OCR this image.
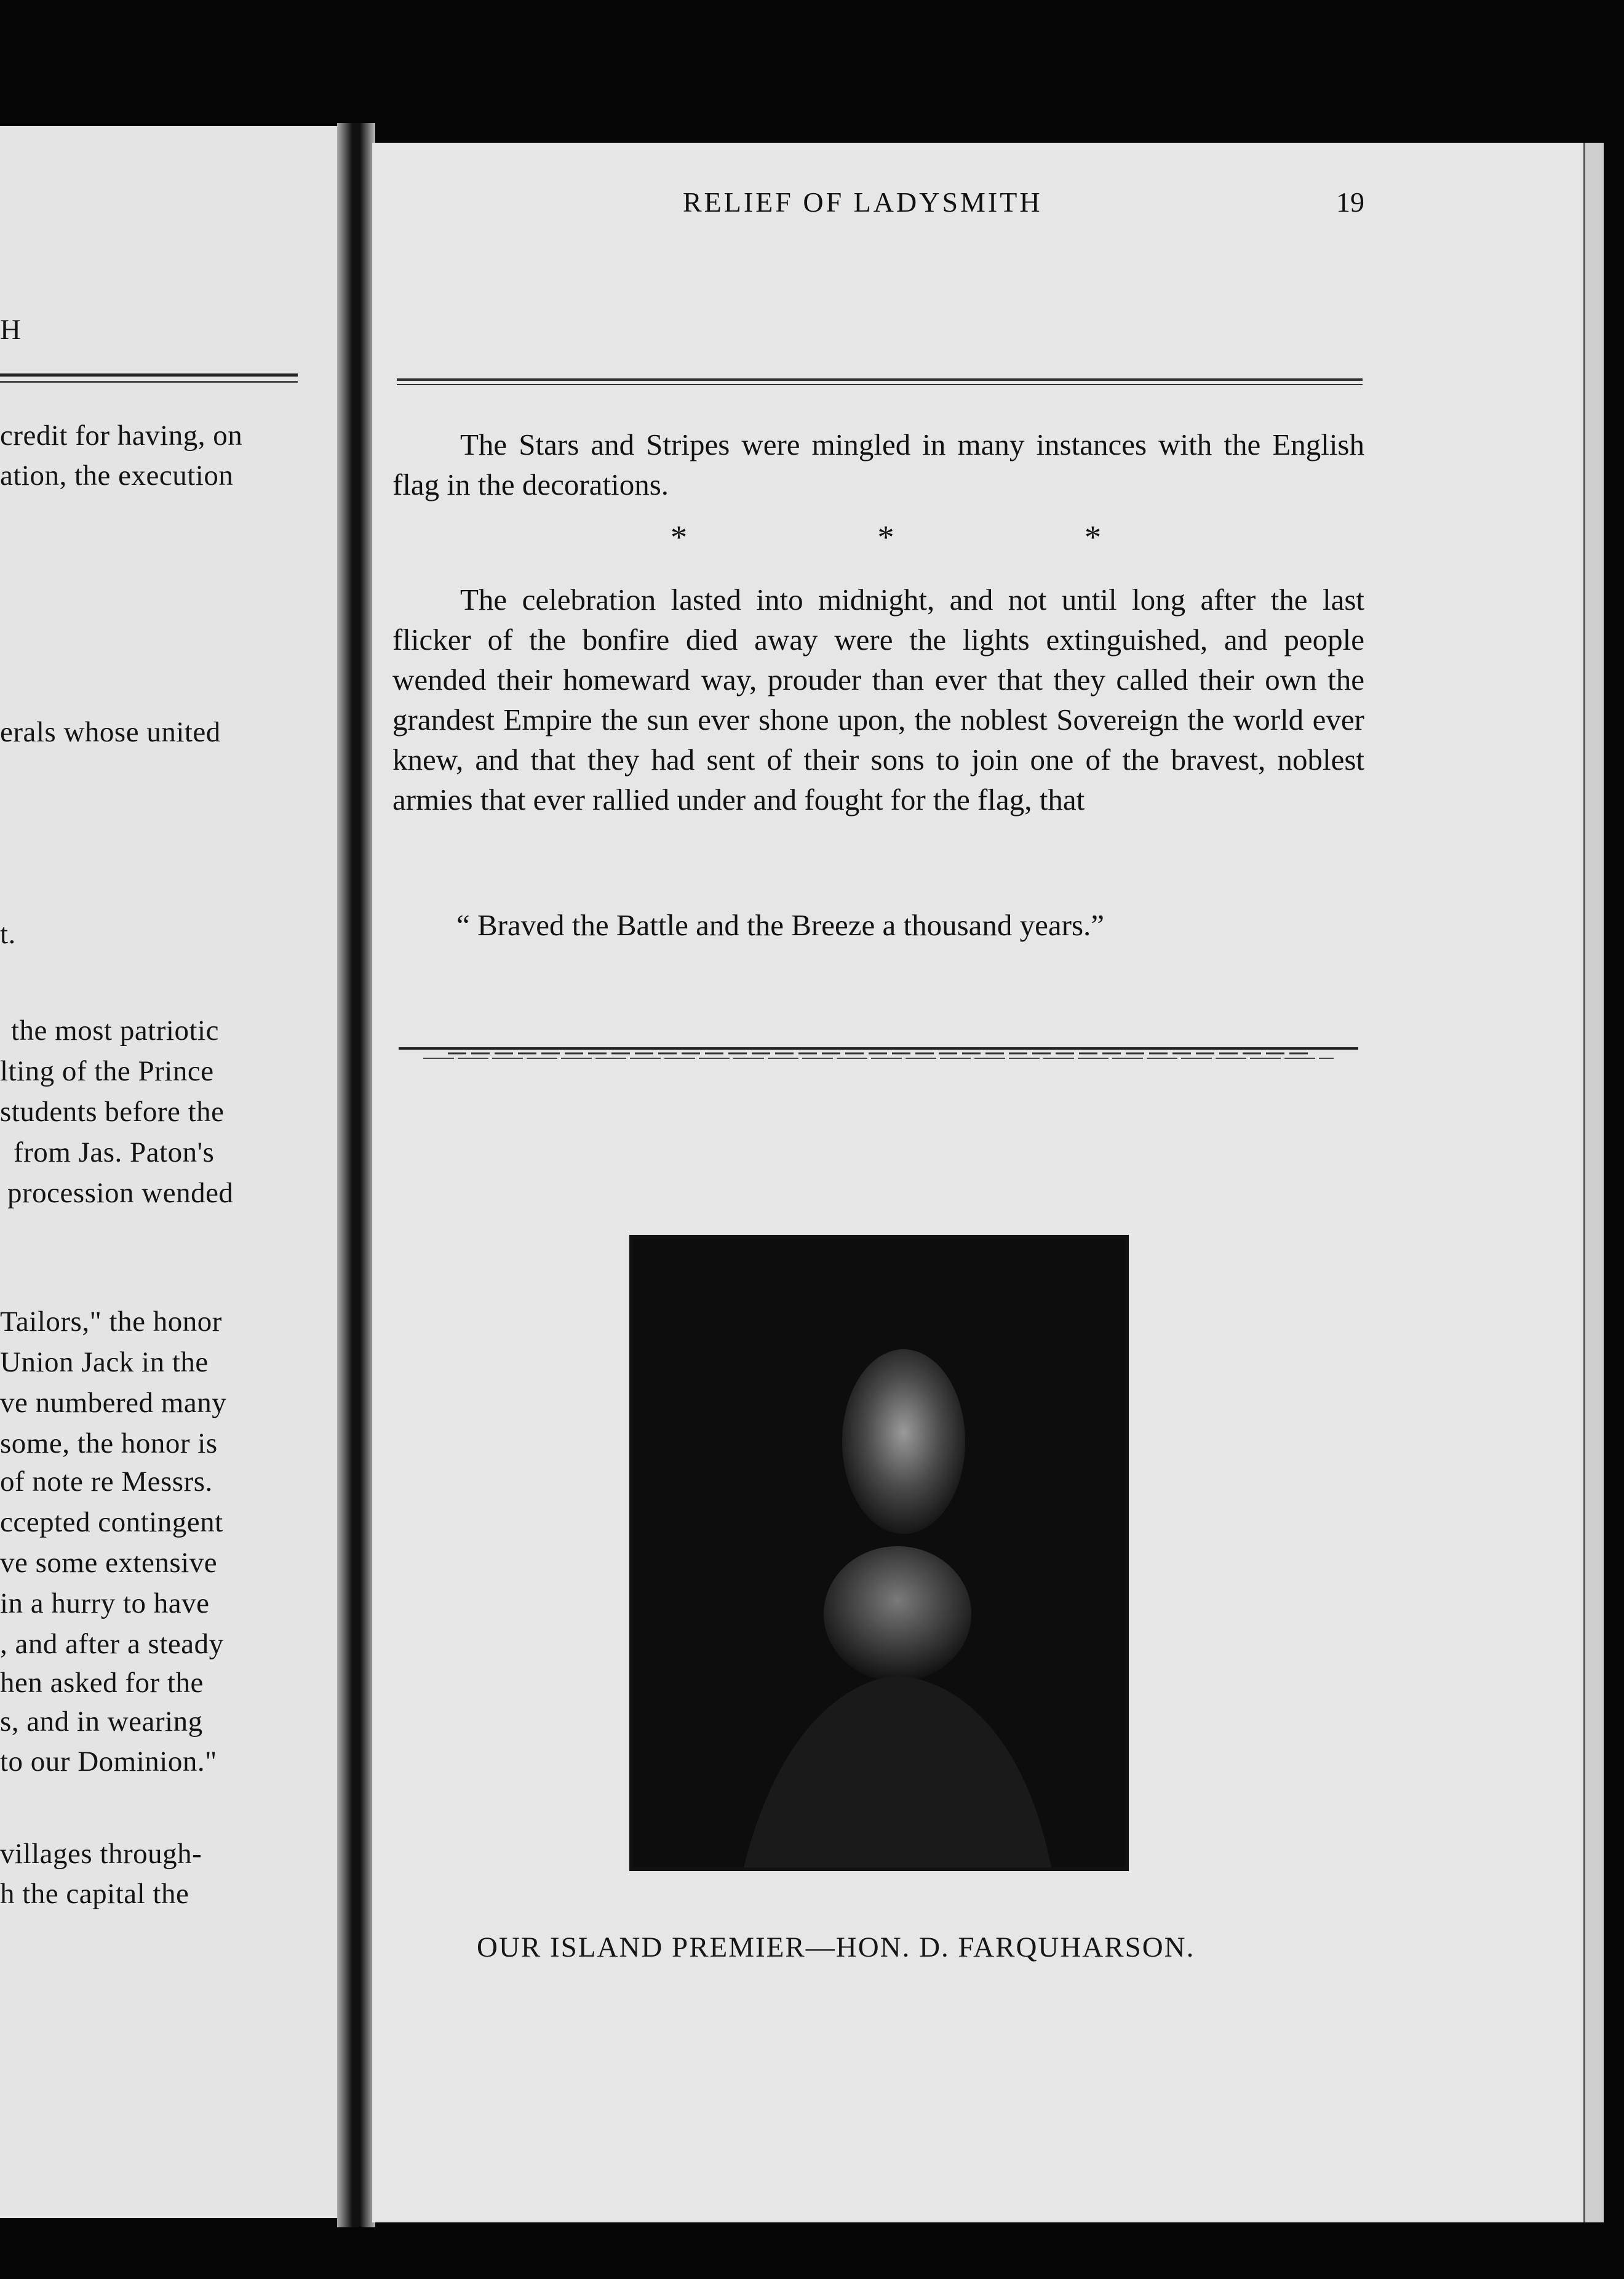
H
credit for having, on
ation, the execution
erals whose united
t.
the most patriotic
lting of the Prince
students before the
from Jas. Paton's
procession wended
Tailors," the honor
Union Jack in the
ve numbered many
some, the honor is
of note re Messrs.
ccepted contingent
ve some extensive
in a hurry to have
, and after a steady
hen asked for the
s, and in wearing
to our Dominion."
villages through-
h the capital the
RELIEF OF LADYSMITH	19
The Stars and Stripes were mingled in many instances with the English flag in the decorations.
*	*	*
The celebration lasted into midnight, and not until long after the last flicker of the bonfire died away were the lights extinguished, and people wended their homeward way, prouder than ever that they called their own the grandest Empire the sun ever shone upon, the noblest Sovereign the world ever knew, and that they had sent of their sons to join one of the bravest, noblest armies that ever rallied under and fought for the flag, that
“ Braved the Battle and the Breeze a thousand years.”
OUR ISLAND PREMIER—HON. D. FARQUHARSON.
